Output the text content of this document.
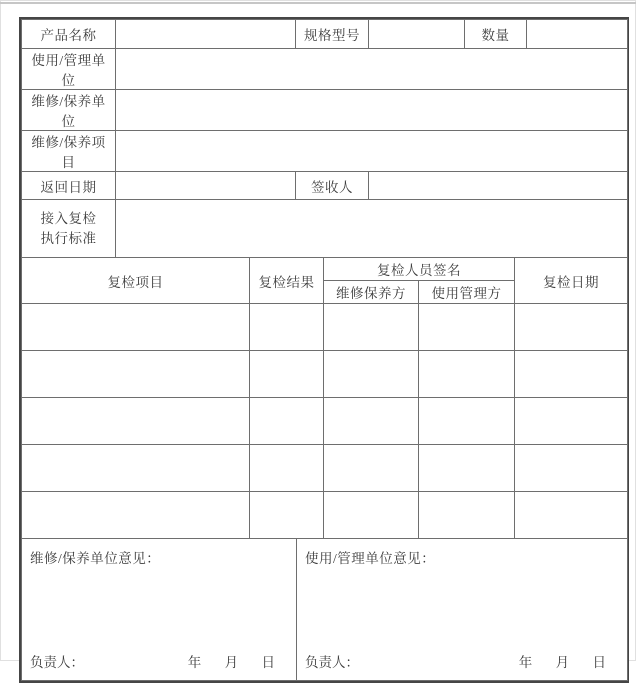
产品名称		规格型号		数量	
使用/管理单位					
维修/保养单位					
维修/保养项目					
返回日期		签收人			

接入复检
执行标准					

复检项目	复检结果	复检人员签名		复检日期
		维修保养方	使用管理方	

维修/保养单位意见：
负责人：	年 月 日

使用/管理单位意见：
负责人：	年 月 日
